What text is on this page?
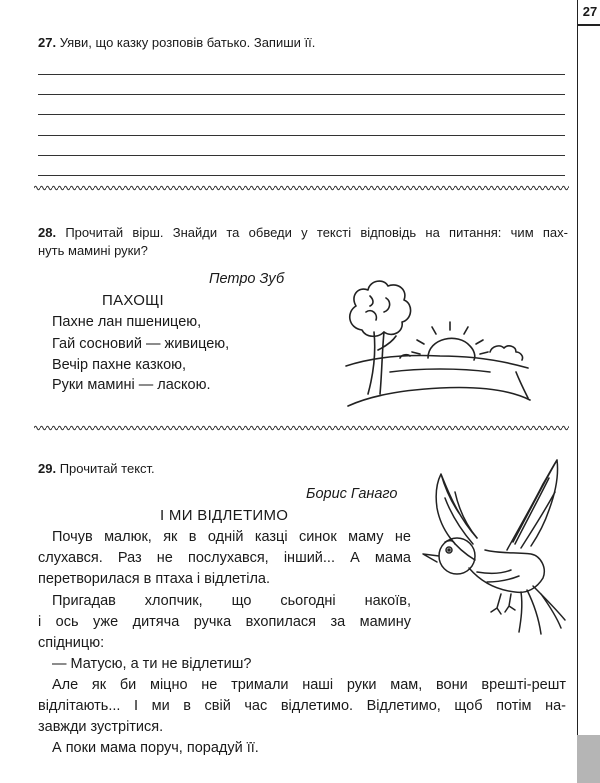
27
27. Уяви, що казку розповів батько. Запиши її.
28. Прочитай вірш. Знайди та обведи у тексті відповідь на питання: чим пах-
нуть мамині руки?
Петро Зуб
ПАХОЩІ
Пахне лан пшеницею,
Гай сосновий — живицею,
Вечір пахне казкою,
Руки мамині — ласкою.
29. Прочитай текст.
Борис Ганаго
І МИ ВІДЛЕТИМО
Почув малюк, як в одній казці синок маму не
слухався. Раз не послухався, інший... А мама
перетворилася в птаха і відлетіла.
Пригадав хлопчик, що сьогодні накоїв,
і ось уже дитяча ручка вхопилася за мамину
спідницю:
— Матусю, а ти не відлетиш?
Але як би міцно не тримали наші руки мам, вони врешті-решт
відлітають... І ми в свій час відлетимо. Відлетимо, щоб потім на-
завжди зустрітися.
А поки мама поруч, порадуй її.
